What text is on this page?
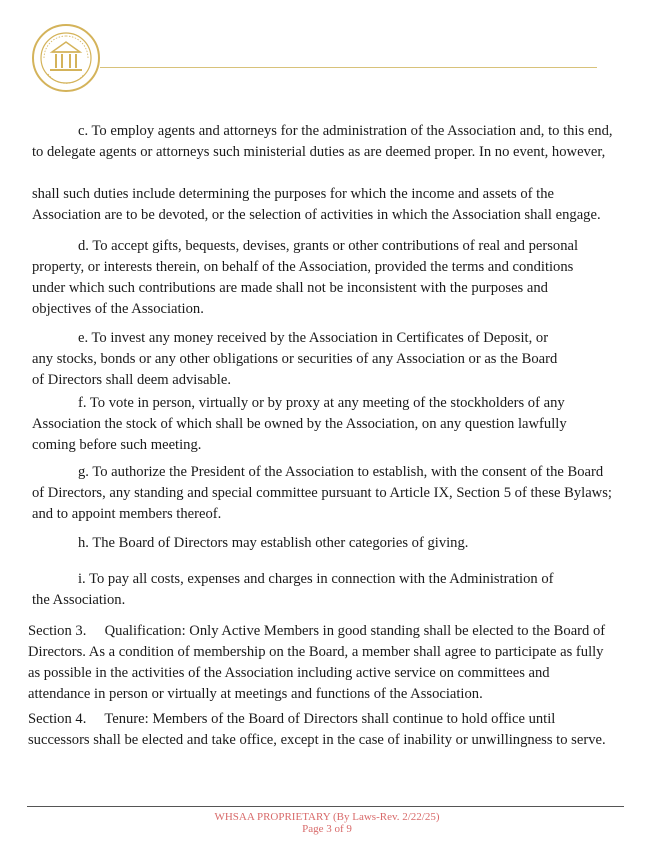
c. To employ agents and attorneys for the administration of the Association and, to this end,
to delegate agents or attorneys such ministerial duties as are deemed proper. In no event, however,
shall such duties include determining the purposes for which the income and assets of the
Association are to be devoted, or the selection of activities in which the Association shall engage.
d. To accept gifts, bequests, devises, grants or other contributions of real and personal
property, or interests therein, on behalf of the Association, provided the terms and conditions
under which such contributions are made shall not be inconsistent with the purposes and
objectives of the Association.
e. To invest any money received by the Association in Certificates of Deposit, or
any stocks, bonds or any other obligations or securities of any Association or as the Board
of Directors shall deem advisable.
f. To vote in person, virtually or by proxy at any meeting of the stockholders of any
Association the stock of which shall be owned by the Association, on any question lawfully
coming before such meeting.
g. To authorize the President of the Association to establish, with the consent of the Board
of Directors, any standing and special committee pursuant to Article IX, Section 5 of these Bylaws;
and to appoint members thereof.
h. The Board of Directors may establish other categories of giving.
i. To pay all costs, expenses and charges in connection with the Administration of
the Association.
Section 3.     Qualification: Only Active Members in good standing shall be elected to the Board of
Directors. As a condition of membership on the Board, a member shall agree to participate as fully
as possible in the activities of the Association including active service on committees and
attendance in person or virtually at meetings and functions of the Association.
Section 4.     Tenure: Members of the Board of Directors shall continue to hold office until
successors shall be elected and take office, except in the case of inability or unwillingness to serve.
WHSAA PROPRIETARY (By Laws-Rev. 2/22/25)
Page 3 of 9
